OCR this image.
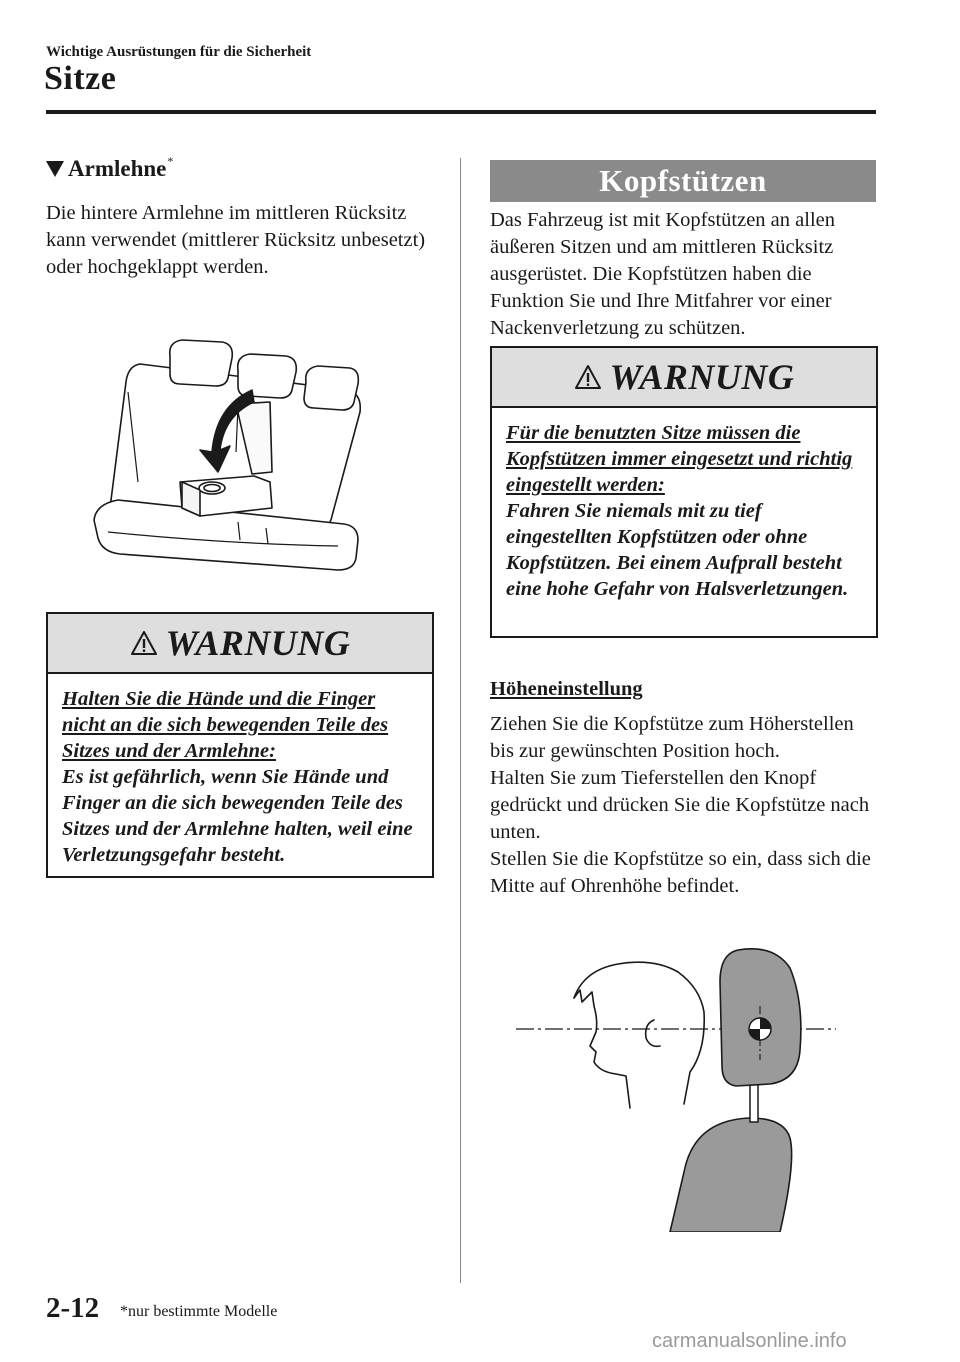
Wichtige Ausrüstungen für die Sicherheit
Sitze
Armlehne*
Die hintere Armlehne im mittleren Rücksitz kann verwendet (mittlerer Rücksitz unbesetzt) oder hochgeklappt werden.
WARNUNG
Halten Sie die Hände und die Finger nicht an die sich bewegenden Teile des Sitzes und der Armlehne:
Es ist gefährlich, wenn Sie Hände und Finger an die sich bewegenden Teile des Sitzes und der Armlehne halten, weil eine Verletzungsgefahr besteht.
Kopfstützen
Das Fahrzeug ist mit Kopfstützen an allen äußeren Sitzen und am mittleren Rücksitz ausgerüstet. Die Kopfstützen haben die Funktion Sie und Ihre Mitfahrer vor einer Nackenverletzung zu schützen.
WARNUNG
Für die benutzten Sitze müssen die Kopfstützen immer eingesetzt und richtig eingestellt werden:
Fahren Sie niemals mit zu tief eingestellten Kopfstützen oder ohne Kopfstützen. Bei einem Aufprall besteht eine hohe Gefahr von Halsverletzungen.
Höheneinstellung
Ziehen Sie die Kopfstütze zum Höherstellen bis zur gewünschten Position hoch.
Halten Sie zum Tieferstellen den Knopf gedrückt und drücken Sie die Kopfstütze nach unten.
Stellen Sie die Kopfstütze so ein, dass sich die Mitte auf Ohrenhöhe befindet.
2-12 *nur bestimmte Modelle
carmanualsonline.info
